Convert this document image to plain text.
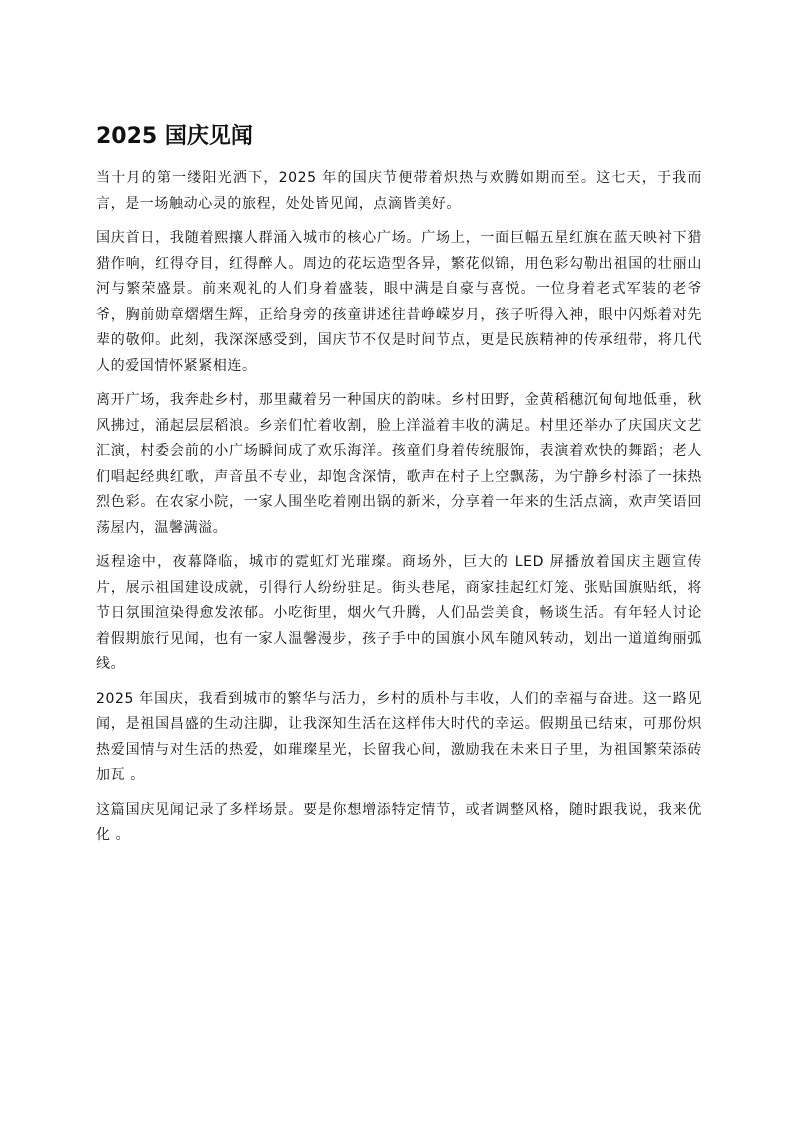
2025 国庆见闻

当十月的第一缕阳光洒下，2025 年的国庆节便带着炽热与欢腾如期而至。这七天，于我而言，是一场触动心灵的旅程，处处皆见闻，点滴皆美好。

国庆首日，我随着熙攘人群涌入城市的核心广场。广场上，一面巨幅五星红旗在蓝天映衬下猎猎作响，红得夺目，红得醉人。周边的花坛造型各异，繁花似锦，用色彩勾勒出祖国的壮丽山河与繁荣盛景。前来观礼的人们身着盛装，眼中满是自豪与喜悦。一位身着老式军装的老爷爷，胸前勋章熠熠生辉，正给身旁的孩童讲述往昔峥嵘岁月，孩子听得入神，眼中闪烁着对先辈的敬仰。此刻，我深深感受到，国庆节不仅是时间节点，更是民族精神的传承纽带，将几代人的爱国情怀紧紧相连。

离开广场，我奔赴乡村，那里藏着另一种国庆的韵味。乡村田野，金黄稻穗沉甸甸地低垂，秋风拂过，涌起层层稻浪。乡亲们忙着收割，脸上洋溢着丰收的满足。村里还举办了庆国庆文艺汇演，村委会前的小广场瞬间成了欢乐海洋。孩童们身着传统服饰，表演着欢快的舞蹈；老人们唱起经典红歌，声音虽不专业，却饱含深情，歌声在村子上空飘荡，为宁静乡村添了一抹热烈色彩。在农家小院，一家人围坐吃着刚出锅的新米，分享着一年来的生活点滴，欢声笑语回荡屋内，温馨满溢。

返程途中，夜幕降临，城市的霓虹灯光璀璨。商场外，巨大的 LED 屏播放着国庆主题宣传片，展示祖国建设成就，引得行人纷纷驻足。街头巷尾，商家挂起红灯笼、张贴国旗贴纸，将节日氛围渲染得愈发浓郁。小吃街里，烟火气升腾，人们品尝美食，畅谈生活。有年轻人讨论着假期旅行见闻，也有一家人温馨漫步，孩子手中的国旗小风车随风转动，划出一道道绚丽弧线。

2025 年国庆，我看到城市的繁华与活力，乡村的质朴与丰收，人们的幸福与奋进。这一路见闻，是祖国昌盛的生动注脚，让我深知生活在这样伟大时代的幸运。假期虽已结束，可那份炽热爱国情与对生活的热爱，如璀璨星光，长留我心间，激励我在未来日子里，为祖国繁荣添砖加瓦 。

这篇国庆见闻记录了多样场景。要是你想增添特定情节，或者调整风格，随时跟我说，我来优化 。
